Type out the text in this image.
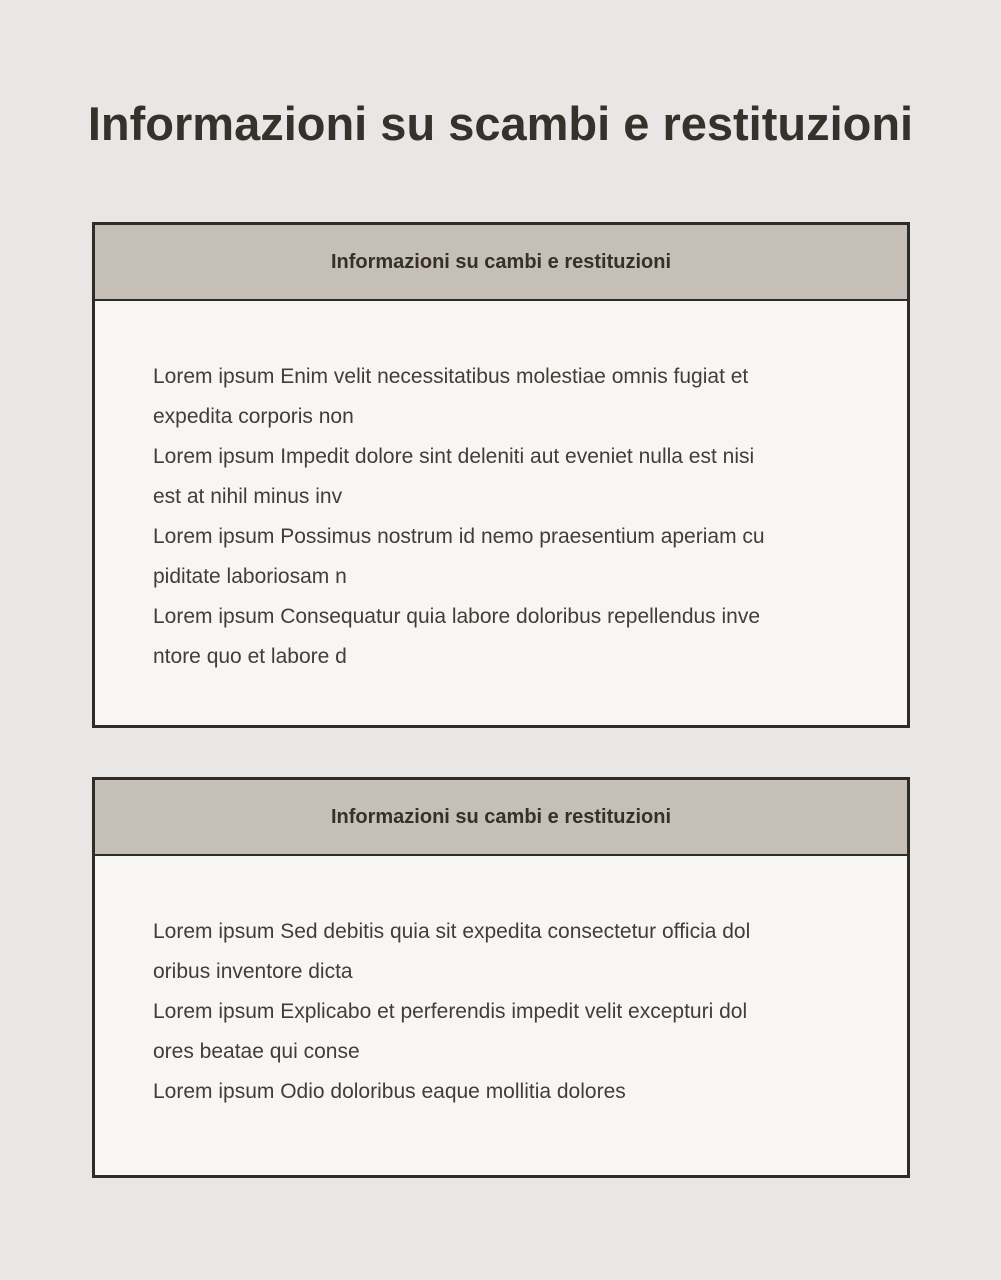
Informazioni su scambi e restituzioni
Informazioni su cambi e restituzioni
Lorem ipsum Enim velit necessitatibus molestiae omnis fugiat et
expedita corporis non
Lorem ipsum Impedit dolore sint deleniti aut eveniet nulla est nisi
est at nihil minus inv
Lorem ipsum Possimus nostrum id nemo praesentium aperiam cu
piditate laboriosam n
Lorem ipsum Consequatur quia labore doloribus repellendus inve
ntore quo et labore d
Informazioni su cambi e restituzioni
Lorem ipsum Sed debitis quia sit expedita consectetur officia dol
oribus inventore dicta
Lorem ipsum Explicabo et perferendis impedit velit excepturi dol
ores beatae qui conse
Lorem ipsum Odio doloribus eaque mollitia dolores
